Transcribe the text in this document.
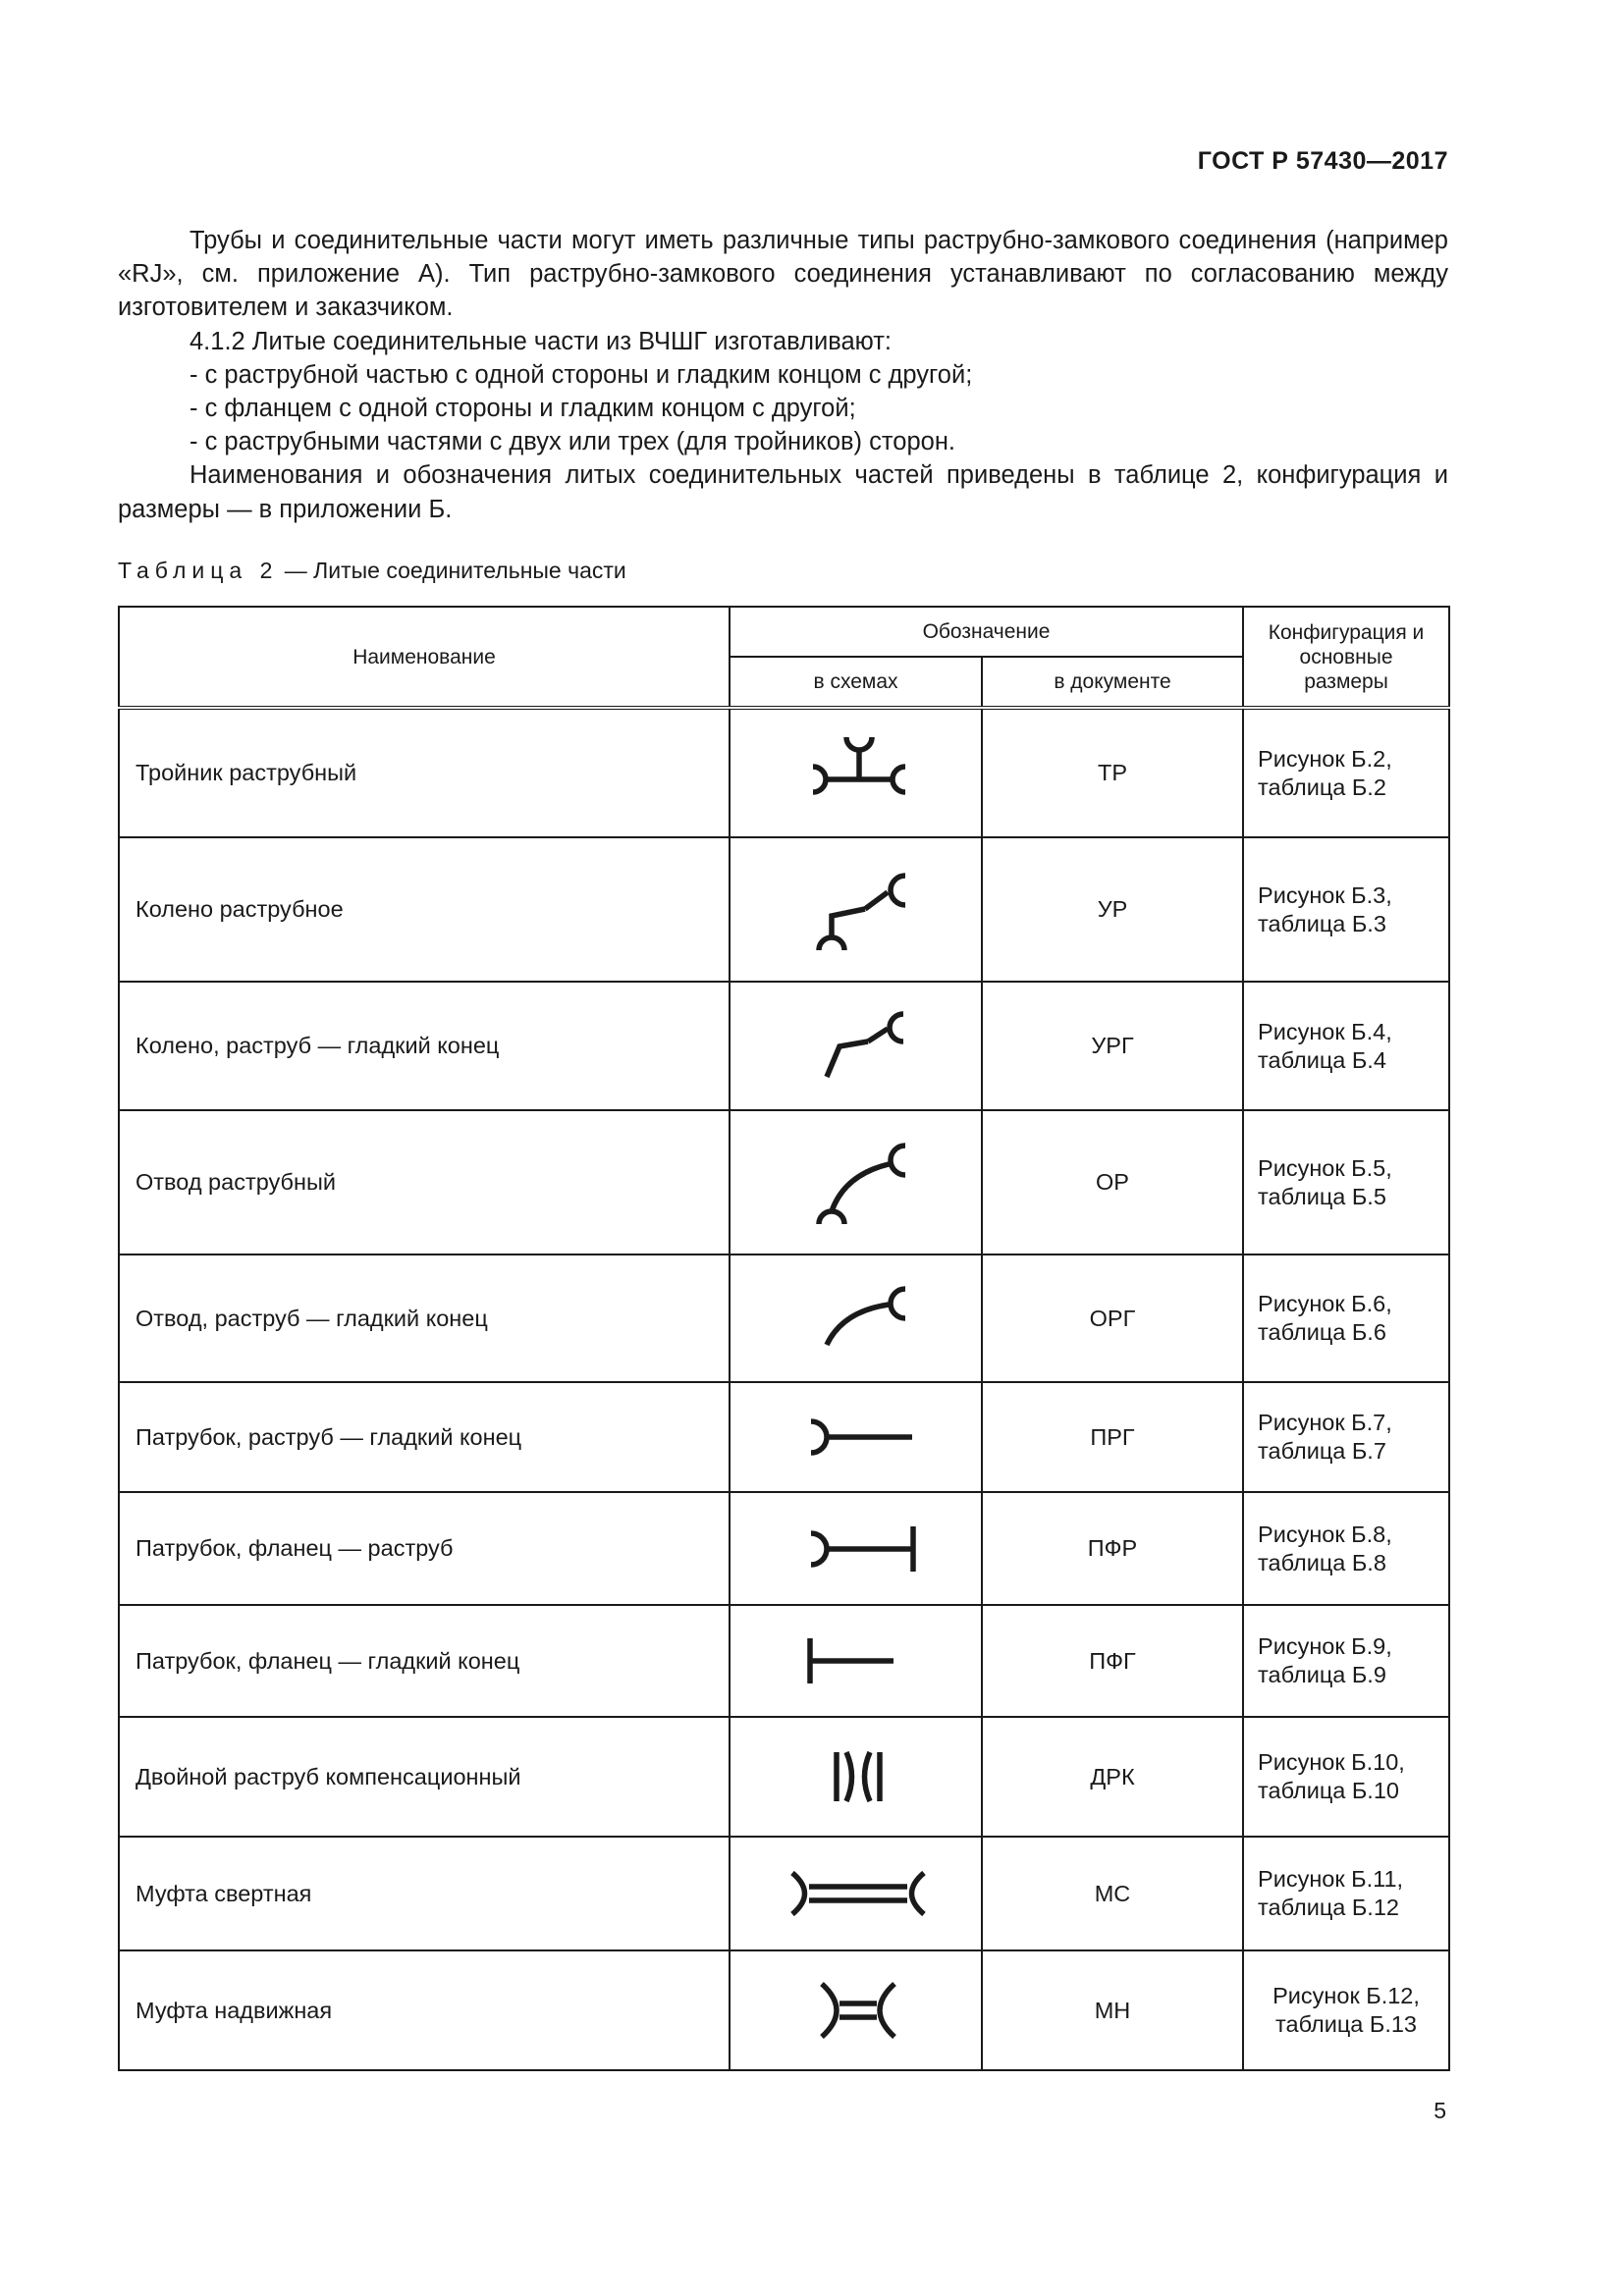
ГОСТ Р 57430—2017

Трубы и соединительные части могут иметь различные типы раструбно-замкового соединения (например «RJ», см. приложение А). Тип раструбно-замкового соединения устанавливают по согласованию между изготовителем и заказчиком.

4.1.2 Литые соединительные части из ВЧШГ изготавливают:

- с раструбной частью с одной стороны и гладким концом с другой;

- с фланцем с одной стороны и гладким концом с другой;

- с раструбными частями с двух или трех (для тройников) сторон.

Наименования и обозначения литых соединительных частей приведены в таблице 2, конфигурация и размеры — в приложении Б.

Таблица 2 — Литые соединительные части
Наименование	Обозначение		Конфигурация и основные размеры
	в схемах	в документе	
Тройник раструбный		ТР	Рисунок Б.2,
таблица Б.2
Колено раструбное		УР	Рисунок Б.3,
таблица Б.3
Колено, раструб — гладкий конец		УРГ	Рисунок Б.4,
таблица Б.4
Отвод раструбный		ОР	Рисунок Б.5,
таблица Б.5
Отвод, раструб — гладкий конец		ОРГ	Рисунок Б.6,
таблица Б.6
Патрубок, раструб — гладкий конец		ПРГ	Рисунок Б.7,
таблица Б.7
Патрубок, фланец — раструб		ПФР	Рисунок Б.8,
таблица Б.8
Патрубок, фланец — гладкий конец		ПФГ	Рисунок Б.9,
таблица Б.9
Двойной раструб компенсационный		ДРК	Рисунок Б.10,
таблица Б.10
Муфта свертная		МС	Рисунок Б.11,
таблица Б.12
Муфта надвижная		МН	Рисунок Б.12,
таблица Б.13
5
